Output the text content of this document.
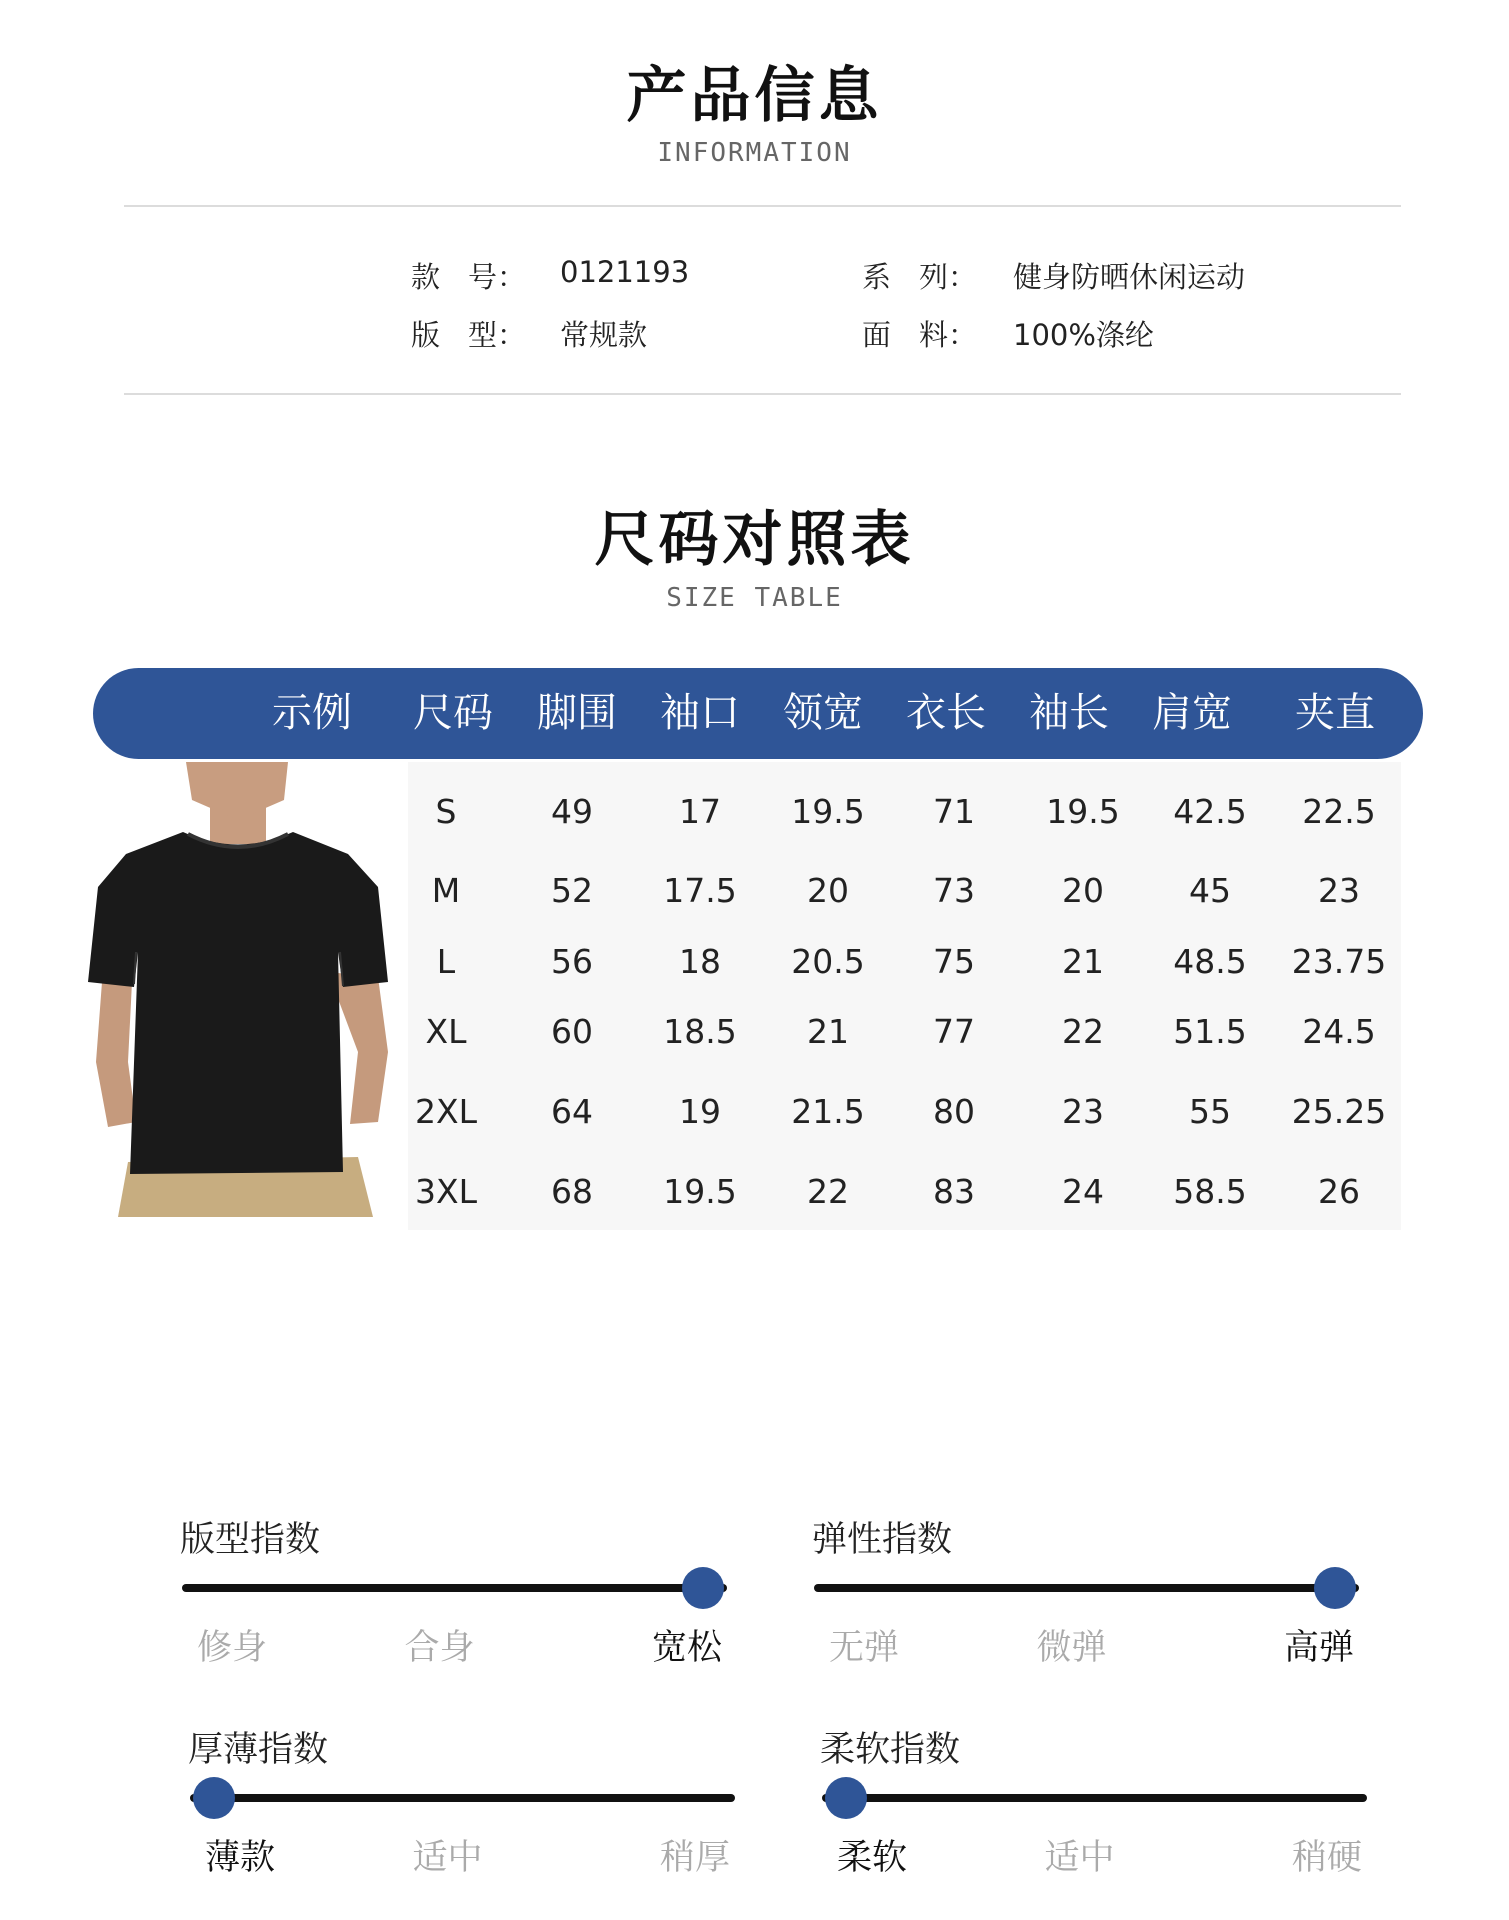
产品信息
INFORMATION
款 号： 0121193	系 列： 健身防晒休闲运动
版 型： 常规款	面 料： 100%涤纶
尺码对照表
SIZE TABLE
示例	尺码	脚围	袖口	领宽	衣长	袖长	肩宽	夹直
S	49	17	19.5	71	19.5	42.5	22.5
M	52	17.5	20	73	20	45	23
L	56	18	20.5	75	21	48.5	23.75
XL	60	18.5	21	77	22	51.5	24.5
2XL	64	19	21.5	80	23	55	25.25
3XL	68	19.5	22	83	24	58.5	26
版型指数
修身	合身	宽松
弹性指数
无弹	微弹	高弹
厚薄指数
薄款	适中	稍厚
柔软指数
柔软	适中	稍硬
